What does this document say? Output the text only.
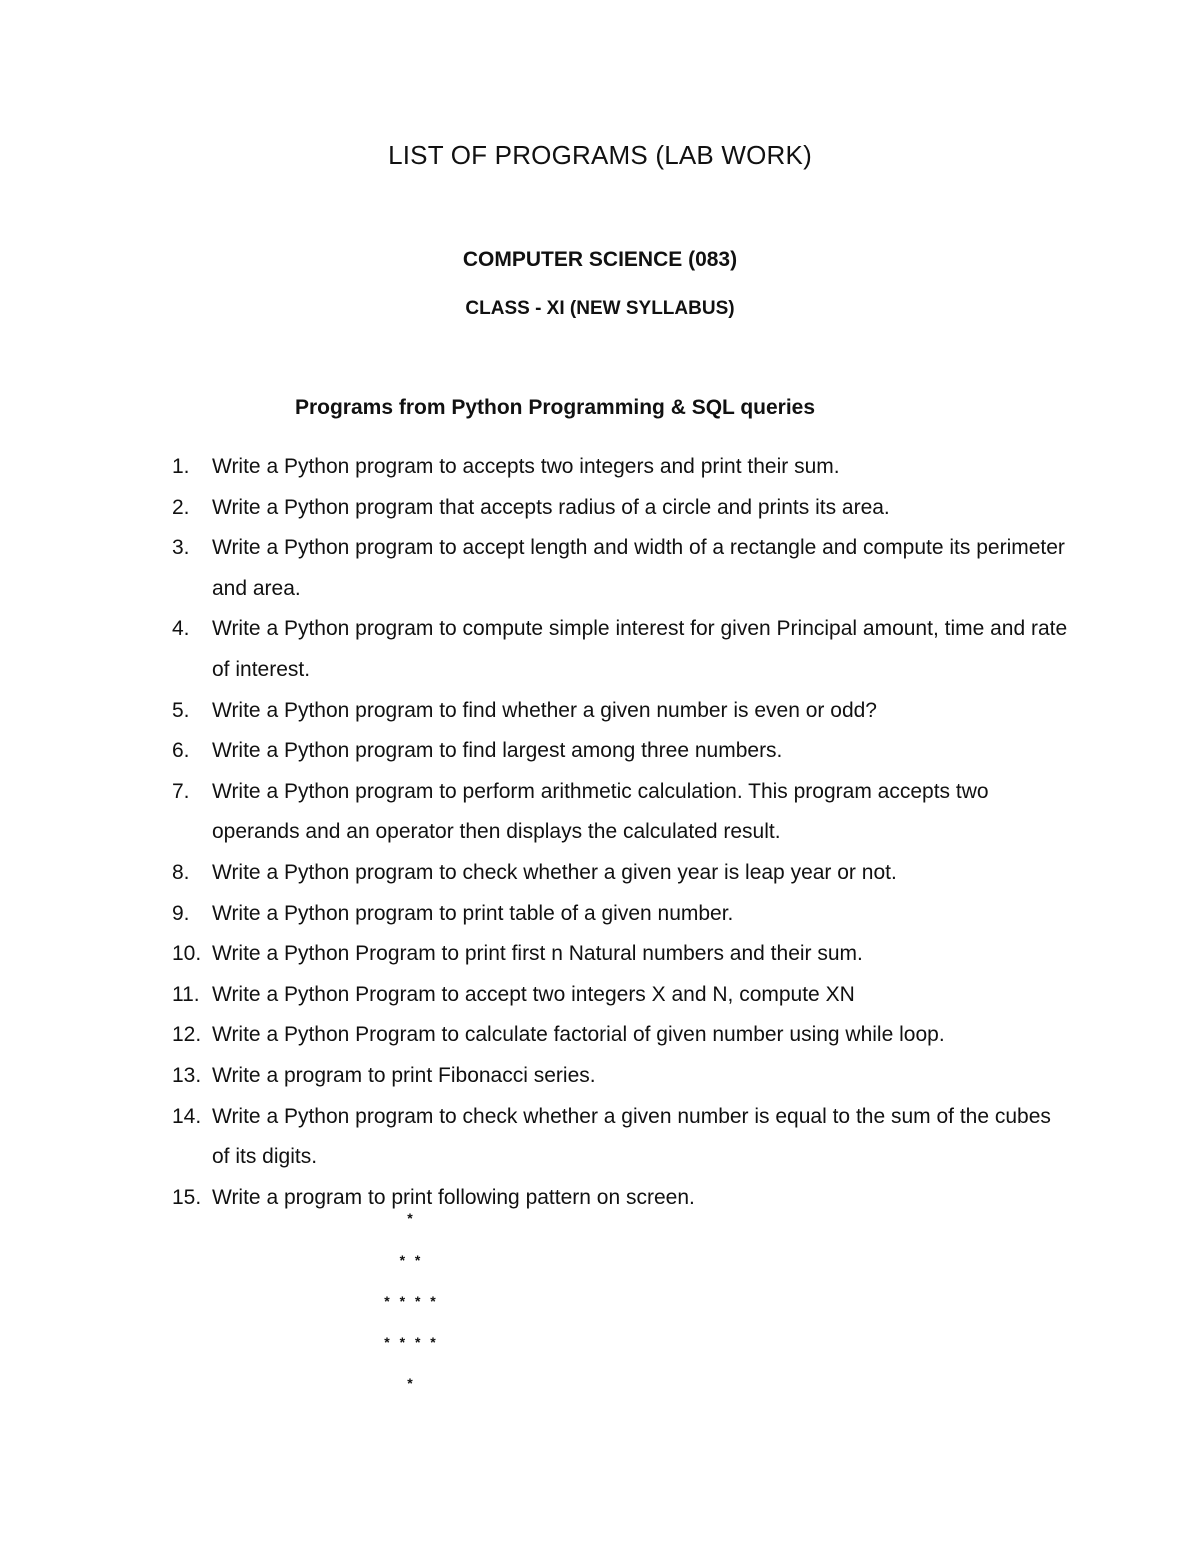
LIST OF PROGRAMS (LAB WORK)
COMPUTER SCIENCE (083)
CLASS - XI (NEW SYLLABUS)
Programs from Python Programming & SQL queries
1.	Write a Python program to accepts two integers and print their sum.
2.	Write a Python program that accepts radius of a circle and prints its area.
3.	Write a Python program to accept length and width of a rectangle and compute its perimeter and area.
4.	Write a Python program to compute simple interest for given Principal amount, time and rate of interest.
5.	Write a Python program to find whether a given number is even or odd?
6.	Write a Python program to find largest among three numbers.
7.	Write a Python program to perform arithmetic calculation. This program accepts two operands and an operator then displays the calculated result.
8.	Write a Python program to check whether a given year is leap year or not.
9.	Write a Python program to print table of a given number.
10. Write a Python Program to print first n Natural numbers and their sum.
11. Write a Python Program to accept two integers X and N, compute XN
12. Write a Python Program to calculate factorial of given number using while loop.
13. Write a program to print Fibonacci series.
14. Write a Python program to check whether a given number is equal to the sum of the cubes of its digits.
15. Write a program to print following pattern on screen.
*
* *
* * * *
* * * *
*
